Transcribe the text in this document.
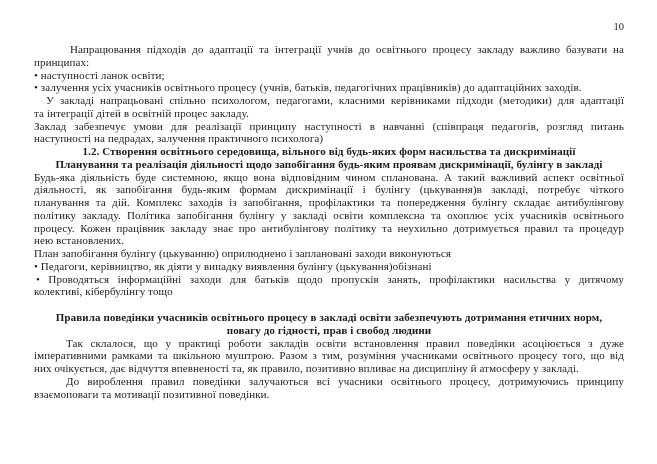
10
Напрацювання підходів до адаптації та інтеграції учнів до освітнього процесу закладу важливо базувати на
принципах:
• наступності ланок освіти;
• залучення усіх учасників освітнього процесу (учнів, батьків, педагогічних працівників) до адаптаційних заходів.
У закладі напрацьовані спільно психологом, педагогами, класними керівниками підходи (методики) для адаптації
та інтеграції дітей в освітній процес закладу.
Заклад забезпечує умови для реалізації принципу наступності в навчанні (співпраця педагогів, розгляд питань
наступності на педрадах, залучення практичного психолога)
1.2. Створення освітнього середовища, вільного від будь-яких форм насильства та дискримінації
Планування та реалізація діяльності щодо запобігання будь-яким проявам дискримінації, булінгу в закладі
Будь-яка діяльність буде системною, якщо вона відповідним чином спланована. А такий важливий аспект освітньої
діяльності, як запобігання будь-яким формам дискримінації і булінгу (цькування)в закладі, потребує чіткого
планування та дій. Комплекс заходів із запобігання, профілактики та попередження булінгу складає антибулінгову
політику закладу. Політика запобігання булінгу у закладі освіти комплексна та охоплює усіх учасників освітнього
процесу. Кожен працівник закладу знає про антибулінгову політику та неухильно дотримується правил та процедур
нею встановлених.
План запобігання булінгу (цькуванню) оприлюднено і заплановані заходи виконуються
• Педагоги, керівництво, як діяти у випадку виявлення булінгу (цькування)обізнані
• Проводяться інформаційні заходи для батьків щодо пропусків занять, профілактики насильства у дитячому
колективі, кібербулінгу тощо
Правила поведінки учасників освітнього процесу в закладі освіти забезпечують дотримання етичних норм,
повагу до гідності, прав і свобод людини
Так склалося, що у практиці роботи закладів освіти встановлення правил поведінки асоціюється з дуже
імперативними рамками та шкільною муштрою. Разом з тим, розуміння учасниками освітнього процесу того, що від
них очікується, дає відчуття впевненості та, як правило, позитивно впливає на дисципліну й атмосферу у закладі.
До вироблення правил поведінки залучаються всі учасники освітнього процесу, дотримуючись принципу
взаємоповаги та мотивації позитивної поведінки.
